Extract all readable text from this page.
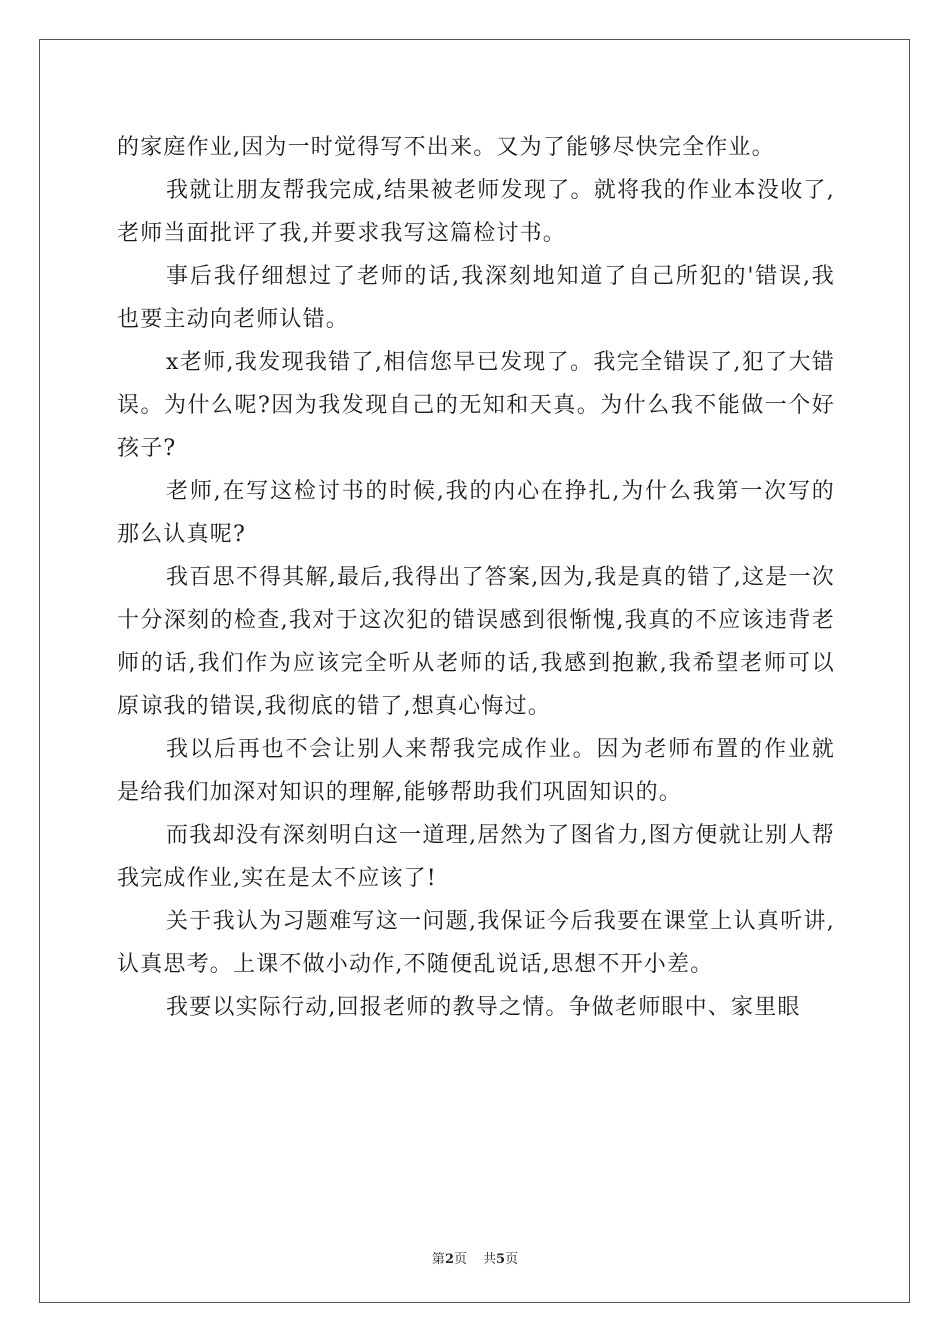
的家庭作业,因为一时觉得写不出来。又为了能够尽快完全作业。

我就让朋友帮我完成,结果被老师发现了。就将我的作业本没收了,老师当面批评了我,并要求我写这篇检讨书。

事后我仔细想过了老师的话,我深刻地知道了自己所犯的'错误,我也要主动向老师认错。

x老师,我发现我错了,相信您早已发现了。我完全错误了,犯了大错误。为什么呢?因为我发现自己的无知和天真。为什么我不能做一个好孩子?

老师,在写这检讨书的时候,我的内心在挣扎,为什么我第一次写的那么认真呢?

我百思不得其解,最后,我得出了答案,因为,我是真的错了,这是一次十分深刻的检查,我对于这次犯的错误感到很惭愧,我真的不应该违背老师的话,我们作为应该完全听从老师的话,我感到抱歉,我希望老师可以原谅我的错误,我彻底的错了,想真心悔过。

我以后再也不会让别人来帮我完成作业。因为老师布置的作业就是给我们加深对知识的理解,能够帮助我们巩固知识的。

而我却没有深刻明白这一道理,居然为了图省力,图方便就让别人帮我完成作业,实在是太不应该了!

关于我认为习题难写这一问题,我保证今后我要在课堂上认真听讲,认真思考。上课不做小动作,不随便乱说话,思想不开小差。

我要以实际行动,回报老师的教导之情。争做老师眼中、家里眼

第2页 共5页
